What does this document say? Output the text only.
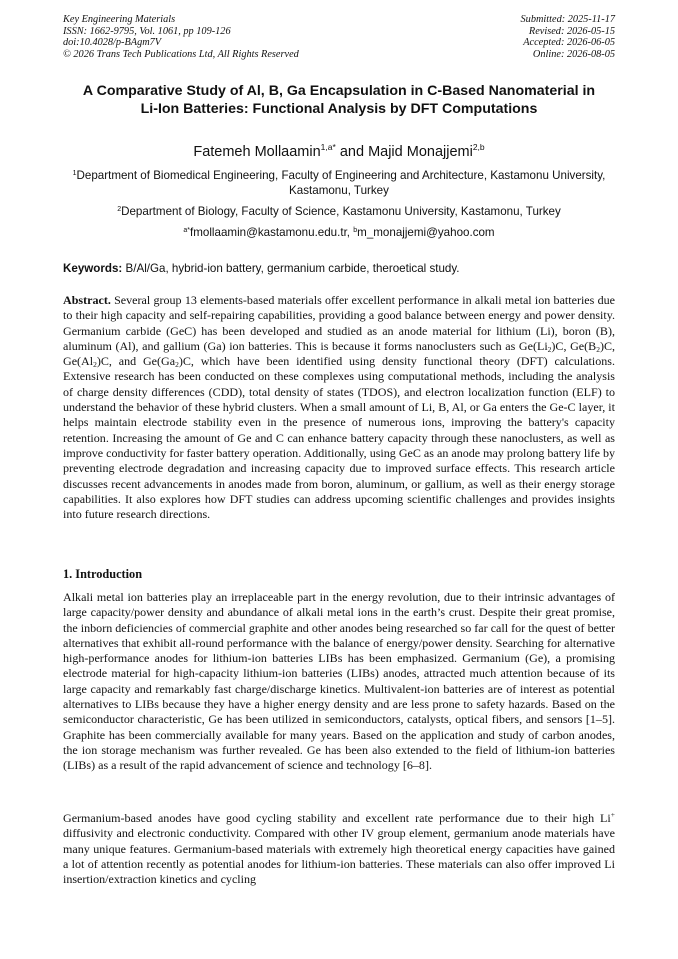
Key Engineering Materials
ISSN: 1662-9795, Vol. 1061, pp 109-126
doi:10.4028/p-BAgm7V
© 2026 Trans Tech Publications Ltd, All Rights Reserved
Submitted: 2025-11-17
Revised: 2026-05-15
Accepted: 2026-06-05
Online: 2026-08-05
A Comparative Study of Al, B, Ga Encapsulation in C-Based Nanomaterial in Li-Ion Batteries: Functional Analysis by DFT Computations
Fatemeh Mollaamin$^{1,a*}$ and Majid Monajjemi$^{2,b}$
$^1$Department of Biomedical Engineering, Faculty of Engineering and Architecture, Kastamonu University, Kastamonu, Turkey
$^2$Department of Biology, Faculty of Science, Kastamonu University, Kastamonu, Turkey
$^{a*}$fmollaamin@kastamonu.edu.tr, $^b$m_monajjemi@yahoo.com
Keywords: B/Al/Ga, hybrid-ion battery, germanium carbide, theroetical study.

Abstract. Several group 13 elements-based materials offer excellent performance in alkali metal ion batteries due to their high capacity and self-repairing capabilities, providing a good balance between energy and power density. Germanium carbide (GeC) has been developed and studied as an anode material for lithium (Li), boron (B), aluminum (Al), and gallium (Ga) ion batteries. This is because it forms nanoclusters such as $Ge(Li_2)C$, $Ge(B_2)C$, $Ge(Al_2)C$, and $Ge(Ga_2)C$, which have been identified using density functional theory (DFT) calculations. Extensive research has been conducted on these complexes using computational methods, including the analysis of charge density differences (CDD), total density of states (TDOS), and electron localization function (ELF) to understand the behavior of these hybrid clusters. When a small amount of Li, B, Al, or Ga enters the Ge-C layer, it helps maintain electrode stability even in the presence of numerous ions, improving the battery's capacity retention. Increasing the amount of Ge and C can enhance battery capacity through these nanoclusters, as well as improve conductivity for faster battery operation. Additionally, using GeC as an anode may prolong battery life by preventing electrode degradation and increasing capacity due to improved surface effects. This research article discusses recent advancements in anodes made from boron, aluminum, or gallium, as well as their energy storage capabilities. It also explores how DFT studies can address upcoming scientific challenges and provides insights into future research directions.

1. Introduction

Alkali metal ion batteries play an irreplaceable part in the energy revolution, due to their intrinsic advantages of large capacity/power density and abundance of alkali metal ions in the earth’s crust. Despite their great promise, the inborn deficiencies of commercial graphite and other anodes being researched so far call for the quest of better alternatives that exhibit all-round performance with the balance of energy/power density. Searching for alternative high-performance anodes for lithium-ion batteries LIBs has been emphasized. Germanium (Ge), a promising electrode material for high-capacity lithium-ion batteries (LIBs) anodes, attracted much attention because of its large capacity and remarkably fast charge/discharge kinetics. Multivalent-ion batteries are of interest as potential alternatives to LIBs because they have a higher energy density and are less prone to safety hazards. Based on the semiconductor characteristic, Ge has been utilized in semiconductors, catalysts, optical fibers, and sensors [1–5]. Graphite has been commercially available for many years. Based on the application and study of carbon anodes, the ion storage mechanism was further revealed. Ge has been also extended to the field of lithium-ion batteries (LIBs) as a result of the rapid advancement of science and technology [6–8].

Germanium-based anodes have good cycling stability and excellent rate performance due to their high Li+ diffusivity and electronic conductivity. Compared with other IV group element, germanium anode materials have many unique features. Germanium-based materials with extremely high theoretical energy capacities have gained a lot of attention recently as potential anodes for lithium-ion batteries. These materials can also offer improved Li insertion/extraction kinetics and cycling
